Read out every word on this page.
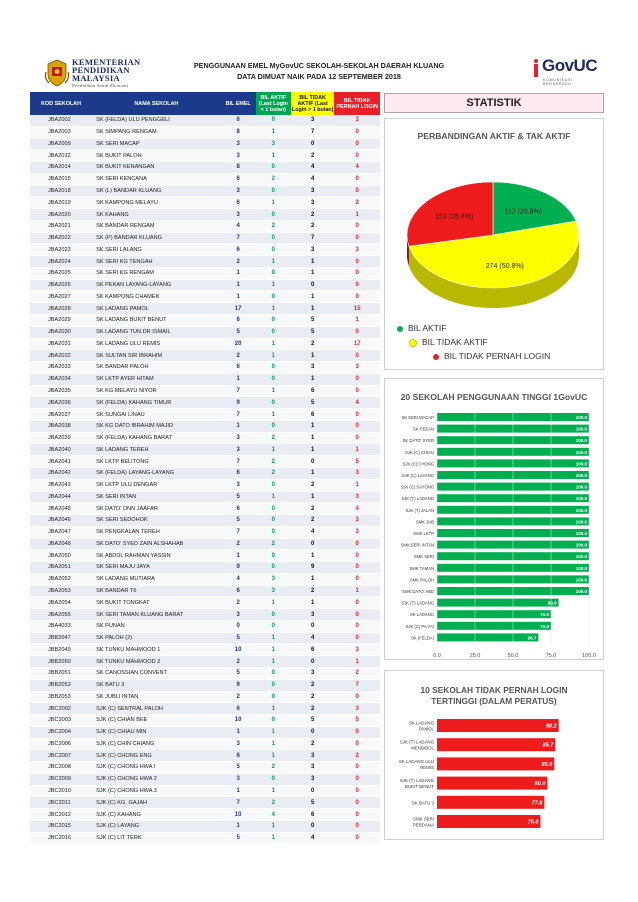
KEMENTERIAN
PENDIDIKAN
MALAYSIA
Pendidikan Saudi Ekonomi
PENGGUNAAN EMEL MyGovUC SEKOLAH-SEKOLAH DAERAH KLUANG
DATA DIMUAT NAIK PADA 12 SEPTEMBER 2018
GovUC
KOMUNIKASI BERSEPADU
KOD SEKOLAH	NAMA SEKOLAH	BIL EMEL	BIL AKTIF (Last Login < 1 bulan)	BIL TIDAK AKTIF (Last Login > 1 bulan)	BIL TIDAK PERNAH LOGIN
JBA2002	SK (FELDA) ULU PENGGELI	6	0	3	3
JBA2003	SK SIMPANG RENGAM	8	1	7	0
JBA2009	SK SERI MACAP	3	3	0	0
JBA2012	SK BUKIT PALOH	3	1	2	0
JBA2014	SK BUKIT KENANGAN	8	0	4	4
JBA2015	SK SERI KENCANA	6	2	4	0
JBA2018	SK (L) BANDAR KLUANG	3	0	3	0
JBA2019	SK KAMPONG MELAYU	6	1	3	2
JBA2020	SK KAHANG	3	0	2	1
JBA2021	SK BANDAR RENGAM	4	2	2	0
JBA2022	SK (P) BANDAR KLUANG	7	0	7	0
JBA2023	SK SERI LALANG	6	0	3	3
JBA2024	SK SERI KG TENGAH	2	1	1	0
JBA2025	SK SERI KG RENGAM	1	0	1	0
JBA2026	SK PEKAN LAYANG-LAYANG	1	1	0	0
JBA2027	SK KAMPONG CHAMEK	1	0	1	0
JBA2028	SK LADANG PAMOL	17	1	1	15
JBA2029	SK LADANG BUKIT BENUT	6	0	5	1
JBA2030	SK LADANG TUN DR ISMAIL	5	0	5	0
JBA2031	SK LADANG ULU REMIS	20	1	2	17
JBA2032	SK SULTAN SIR IBRAHIM	2	1	1	0
JBA2033	SK BANDAR PALOH	6	0	3	3
JBA2034	SK LKTP AYER HITAM	1	0	1	0
JBA2035	SK KG MELAYU NIYOR	7	1	6	0
JBA2036	SK (FELDA) KAHANG TIMUR	9	0	5	4
JBA2037	SK SUNGAI LINAU	7	1	6	0
JBA2038	SK KG DATO IBRAHIM MAJID	1	0	1	0
JBA2039	SK (FELDA) KAHANG BARAT	3	2	1	0
JBA2040	SK LADANG TEREH	3	1	1	1
JBA2041	SK LKTP BELITONG	7	2	0	5
JBA2042	SK (FELDA) LAYANG-LAYANG	6	2	1	3
JBA2043	SK LKTP ULU DENGAR	3	0	2	1
JBA2044	SK SERI INTAN	5	1	1	3
JBA2045	SK DATO' ONN JAAFAR	6	0	2	4
JBA2046	SK SERI SEDOHOK	5	0	2	3
JBA2047	SK PENGKALAN TEREH	7	0	4	3
JBA2048	SK DATO' SYED ZAIN ALSHAHAB	2	2	0	0
JBA2050	SK ABDUL RAHMAN YASSIN	1	0	1	0
JBA2051	SK SERI MAJU JAYA	9	0	9	0
JBA2052	SK LADANG MUTIARA	4	3	1	0
JBA2053	SK BANDAR T6	6	3	2	1
JBA2054	SK BUKIT TONGKAT	2	1	1	0
JBA2055	SK SERI TAMAN KLUANG BARAT	3	0	3	0
JBA4033	SK PUNAN	0	0	0	0
JBB2047	SK PALOH (2)	5	1	4	0
JBB2049	SK TUNKU MAHMOOD 1	10	1	6	3
JBB2050	SK TUNKU MAHMOOD 2	2	1	0	1
JBB2051	SK CANOSSIAN CONVENT	5	0	3	2
JBB2052	SK BATU 3	9	0	2	7
JBB2053	SK JUBLI INTAN	2	0	2	0
JBC2002	SJK (C) SENTRAL PALOH	6	1	2	3
JBC2003	SJK (C) CHIAN BEE	10	0	5	5
JBC2004	SJK (C) CHIAU MIN	1	1	0	0
JBC2006	SJK (C) CHIN CHIANG	3	1	2	0
JBC2007	SJK (C) CHONG ENG	6	1	3	2
JBC2008	SJK (C) CHONG HWA I	5	2	3	0
JBC2009	SJK (C) CHONG HWA 2	3	0	3	0
JBC2010	SJK (C) CHONG HWA 3	1	1	0	0
JBC2011	SJK (C) KG. GAJAH	7	2	5	0
JBC2012	SJK (C) KAHANG	10	4	6	0
JBC2015	SJK (C) LAYANG	1	1	0	0
JBC2016	SJK (C) LIT TERK	5	1	4	0
STATISTIK
PERBANDINGAN AKTIF & TAK AKTIF
112 (20.8%)
274 (50.8%)
153 (28.4%)
BIL AKTIF
BIL TIDAK AKTIF
BIL TIDAK PERNAH LOGIN
20 SEKOLAH PENGGUNAAN TINGGI 1GovUC
100.0
SK SERI MACAP
100.0
SK PEKAN
100.0
SK DATO' SYED
100.0
SJK (C) CHIAU
100.0
SJK (C) CHONG
100.0
SJK (C) LAYANG
100.0
SJK (C) SAYONG
100.0
SJK (T) LADANG
100.0
SJK (T) JALAN
100.0
SMK JUB
100.0
SMK LKTP
100.0
SMK SERI INTAN
100.0
SMK SERI
100.0
SMK TAMAN
100.0
SMK PALOH
100.0
SMK DATO' ABD
80.0
SJK (T) LADANG
75.0
SK LADANG
75.0
SJK (C) PA YAI
66.7
SK (FELDA)
0.0	25.0	50.0	75.0	100.0
10 SEKOLAH TIDAK PERNAH LOGIN
TERTINGGI (DALAM PERATUS)
88.2
SK LADANG
PAMOL
85.7
SJK (T) LADANG
MENDIBOL
85.0
SK LADANG ULU
REMIS
80.0
SJK (T) LADANG
BUKIT BENUT
77.8
SK BATU 3
75.0
SMK SERI
PERDANA
